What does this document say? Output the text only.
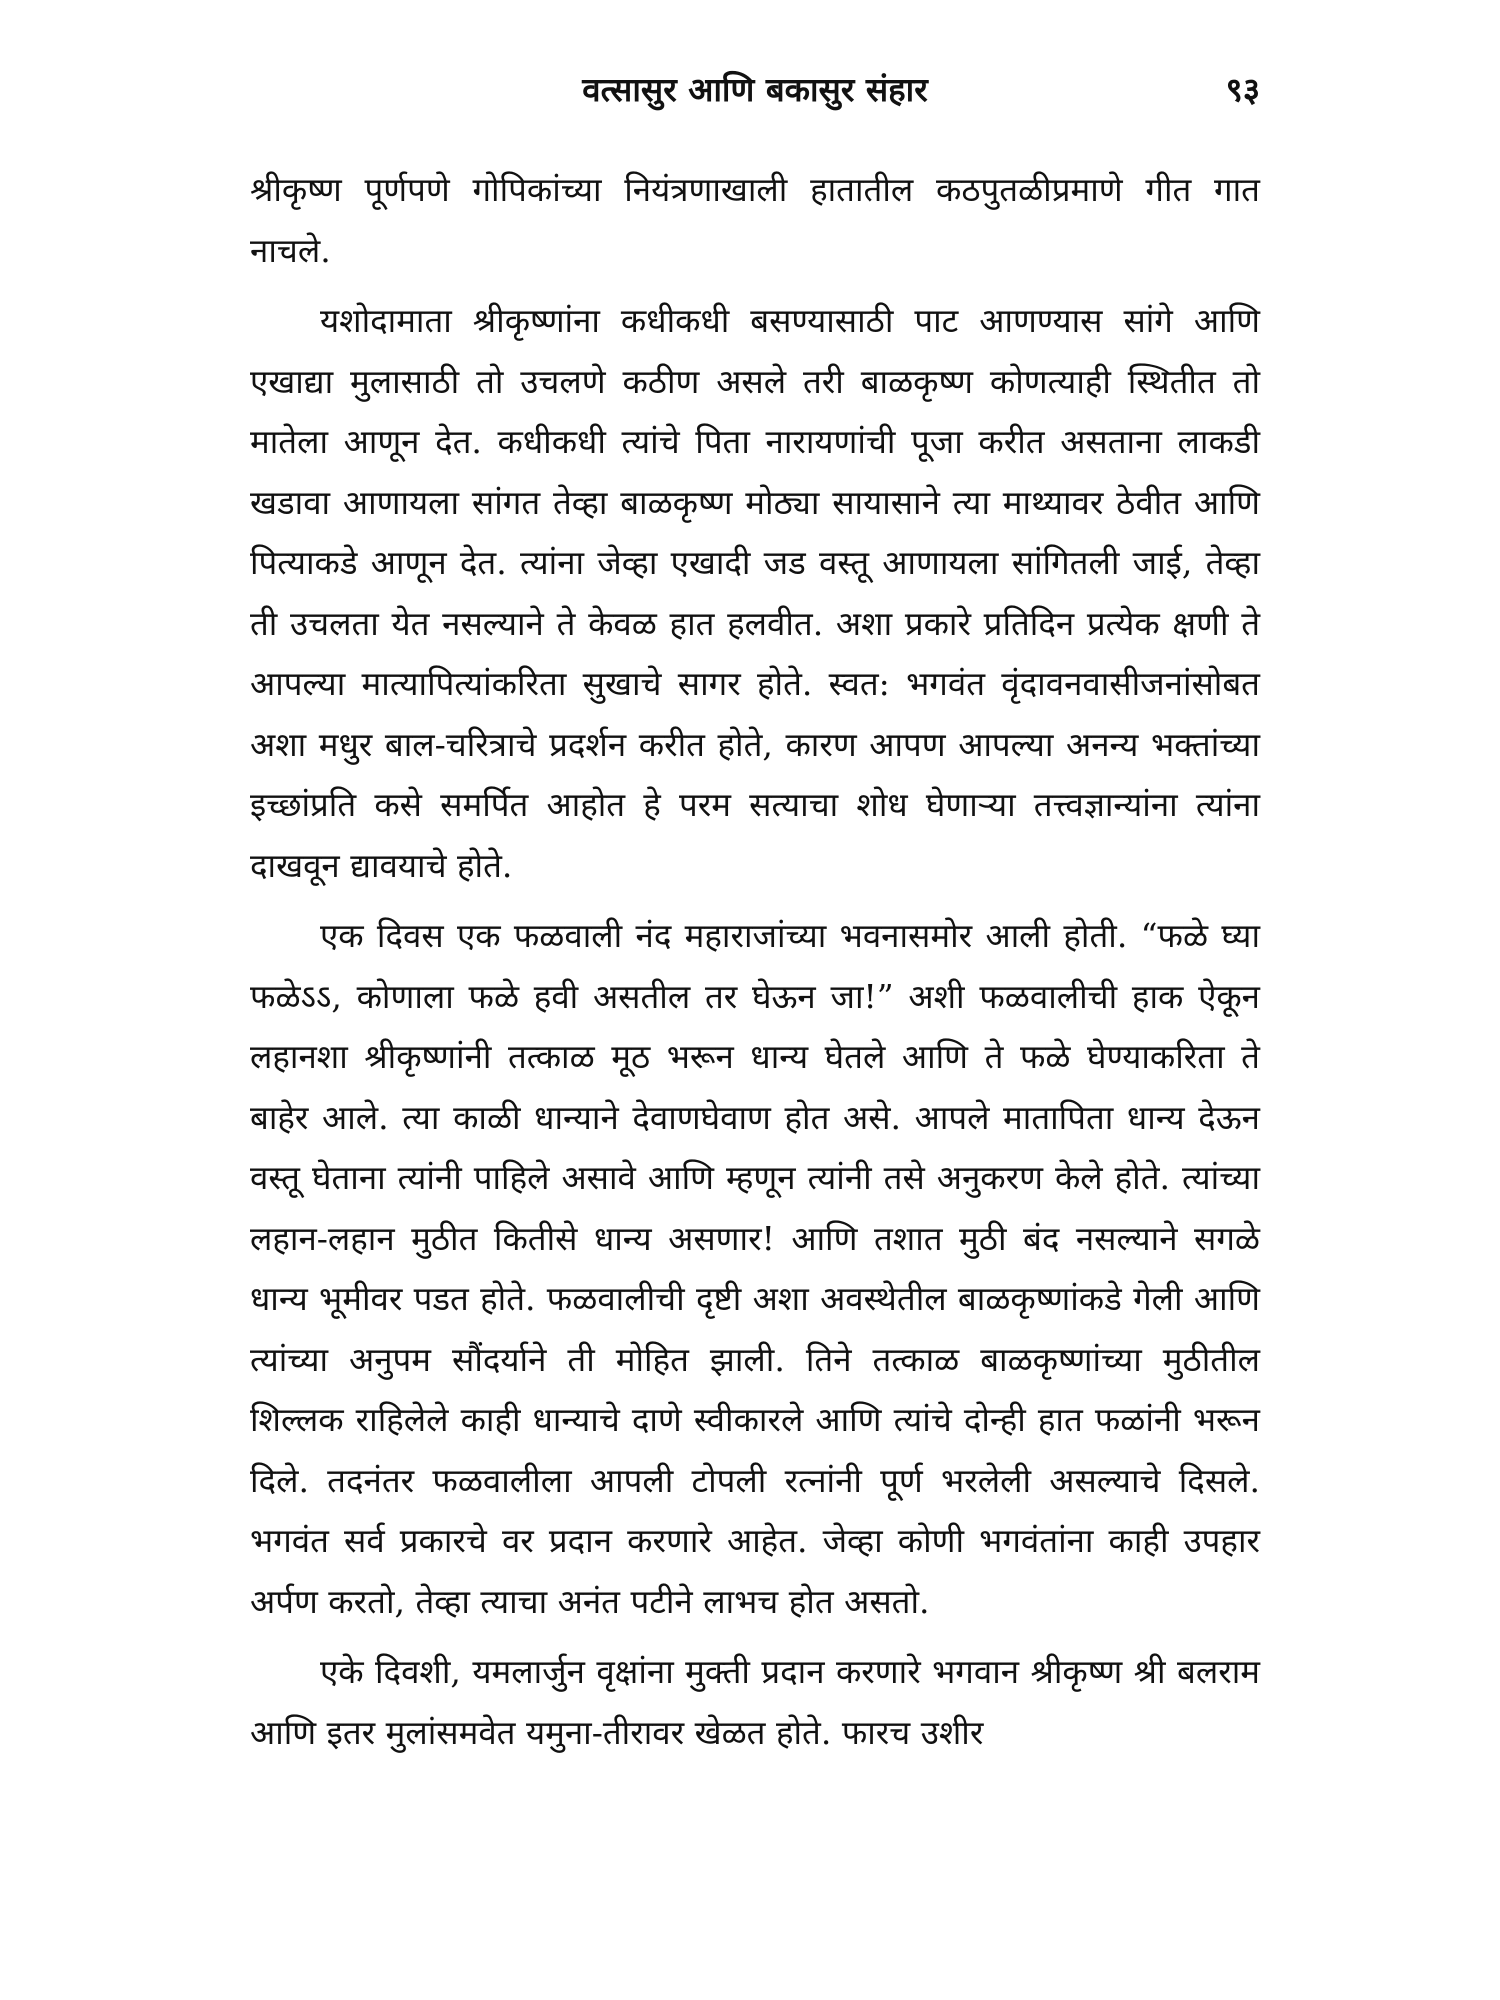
वत्सासुर आणि बकासुर संहार	९३

श्रीकृष्ण पूर्णपणे गोपिकांच्या नियंत्रणाखाली हातातील कठपुतळीप्रमाणे गीत गात नाचले.

यशोदामाता श्रीकृष्णांना कधीकधी बसण्यासाठी पाट आणण्यास सांगे आणि एखाद्या मुलासाठी तो उचलणे कठीण असले तरी बाळकृष्ण कोणत्याही स्थितीत तो मातेला आणून देत. कधीकधी त्यांचे पिता नारायणांची पूजा करीत असताना लाकडी खडावा आणायला सांगत तेव्हा बाळकृष्ण मोठ्या सायासाने त्या माथ्यावर ठेवीत आणि पित्याकडे आणून देत. त्यांना जेव्हा एखादी जड वस्तू आणायला सांगितली जाई, तेव्हा ती उचलता येत नसल्याने ते केवळ हात हलवीत. अशा प्रकारे प्रतिदिन प्रत्येक क्षणी ते आपल्या मात्यापित्यांकरिता सुखाचे सागर होते. स्वत: भगवंत वृंदावनवासीजनांसोबत अशा मधुर बाल-चरित्राचे प्रदर्शन करीत होते, कारण आपण आपल्या अनन्य भक्तांच्या इच्छांप्रति कसे समर्पित आहोत हे परम सत्याचा शोध घेणाऱ्या तत्त्वज्ञान्यांना त्यांना दाखवून द्यावयाचे होते.

एक दिवस एक फळवाली नंद महाराजांच्या भवनासमोर आली होती. “फळे घ्या फळेऽऽ, कोणाला फळे हवी असतील तर घेऊन जा!” अशी फळवालीची हाक ऐकून लहानशा श्रीकृष्णांनी तत्काळ मूठ भरून धान्य घेतले आणि ते फळे घेण्याकरिता ते बाहेर आले. त्या काळी धान्याने देवाणघेवाण होत असे. आपले मातापिता धान्य देऊन वस्तू घेताना त्यांनी पाहिले असावे आणि म्हणून त्यांनी तसे अनुकरण केले होते. त्यांच्या लहान-लहान मुठीत कितीसे धान्य असणार! आणि तशात मुठी बंद नसल्याने सगळे धान्य भूमीवर पडत होते. फळवालीची दृष्टी अशा अवस्थेतील बाळकृष्णांकडे गेली आणि त्यांच्या अनुपम सौंदर्याने ती मोहित झाली. तिने तत्काळ बाळकृष्णांच्या मुठीतील शिल्लक राहिलेले काही धान्याचे दाणे स्वीकारले आणि त्यांचे दोन्ही हात फळांनी भरून दिले. तदनंतर फळवालीला आपली टोपली रत्नांनी पूर्ण भरलेली असल्याचे दिसले. भगवंत सर्व प्रकारचे वर प्रदान करणारे आहेत. जेव्हा कोणी भगवंतांना काही उपहार अर्पण करतो, तेव्हा त्याचा अनंत पटीने लाभच होत असतो.

एके दिवशी, यमलार्जुन वृक्षांना मुक्ती प्रदान करणारे भगवान श्रीकृष्ण श्री बलराम आणि इतर मुलांसमवेत यमुना-तीरावर खेळत होते. फारच उशीर
